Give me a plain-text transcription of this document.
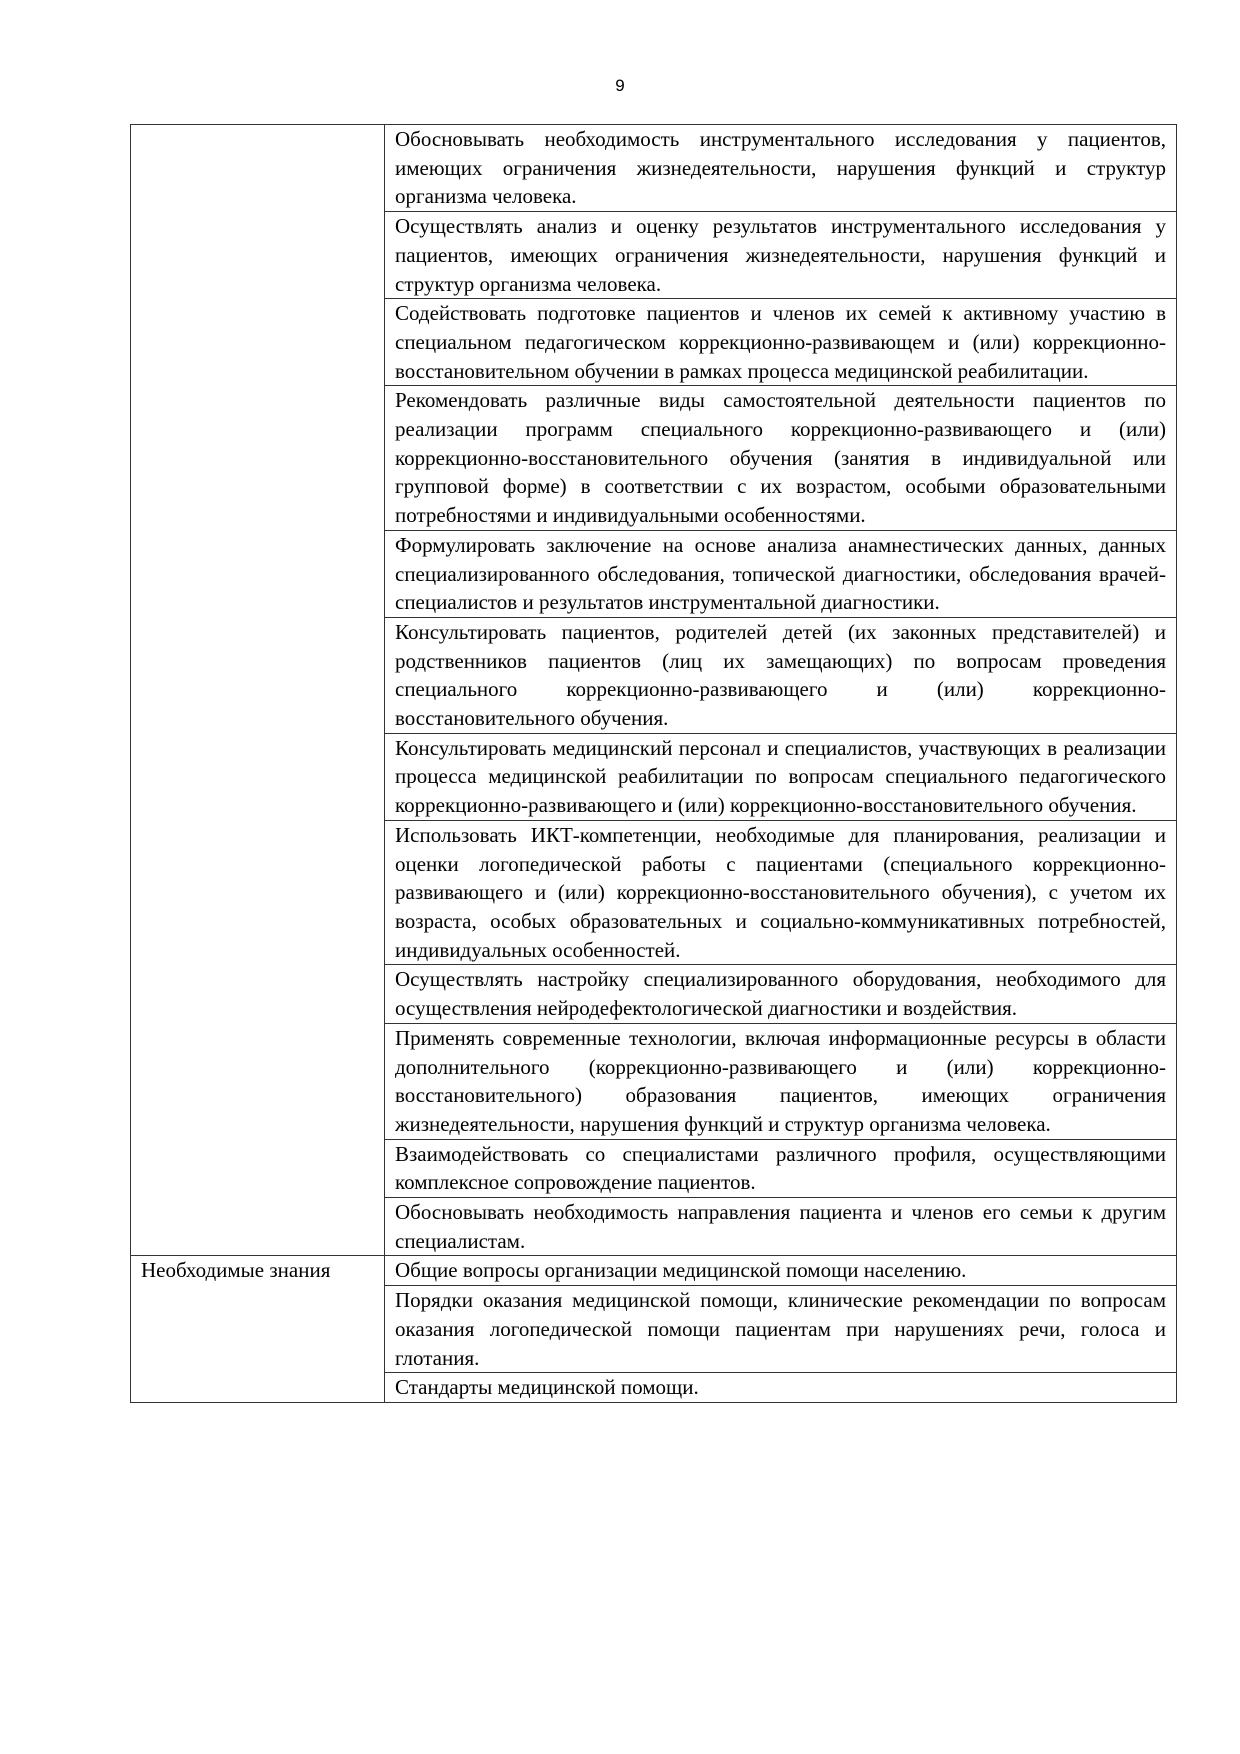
9
	Обосновывать необходимость инструментального исследования у пациентов, имеющих ограничения жизнедеятельности, нарушения функций и структур организма человека.
	Осуществлять анализ и оценку результатов инструментального исследования у пациентов, имеющих ограничения жизнедеятельности, нарушения функций и структур организма человека.
	Содействовать подготовке пациентов и членов их семей к активному участию в специальном педагогическом коррекционно-развивающем и (или) коррекционно-восстановительном обучении в рамках процесса медицинской реабилитации.
	Рекомендовать различные виды самостоятельной деятельности пациентов по реализации программ специального коррекционно-развивающего и (или) коррекционно-восстановительного обучения (занятия в индивидуальной или групповой форме) в соответствии с их возрастом, особыми образовательными потребностями и индивидуальными особенностями.
	Формулировать заключение на основе анализа анамнестических данных, данных специализированного обследования, топической диагностики, обследования врачей-специалистов и результатов инструментальной диагностики.
	Консультировать пациентов, родителей детей (их законных представителей) и родственников пациентов (лиц их замещающих) по вопросам проведения специального коррекционно-развивающего и (или) коррекционно-восстановительного обучения.
	Консультировать медицинский персонал и специалистов, участвующих в реализации процесса медицинской реабилитации по вопросам специального педагогического коррекционно-развивающего и (или) коррекционно-восстановительного обучения.
	Использовать ИКТ-компетенции, необходимые для планирования, реализации и оценки логопедической работы с пациентами (специального коррекционно-развивающего и (или) коррекционно-восстановительного обучения), с учетом их возраста, особых образовательных и социально-коммуникативных потребностей, индивидуальных особенностей.
	Осуществлять настройку специализированного оборудования, необходимого для осуществления нейродефектологической диагностики и воздействия.
	Применять современные технологии, включая информационные ресурсы в области дополнительного (коррекционно-развивающего и (или) коррекционно-восстановительного) образования пациентов, имеющих ограничения жизнедеятельности, нарушения функций и структур организма человека.
	Взаимодействовать со специалистами различного профиля, осуществляющими комплексное сопровождение пациентов.
	Обосновывать необходимость направления пациента и членов его семьи к другим специалистам.
Необходимые знания	Общие вопросы организации медицинской помощи населению.
	Порядки оказания медицинской помощи, клинические рекомендации по вопросам оказания логопедической помощи пациентам при нарушениях речи, голоса и глотания.
	Стандарты медицинской помощи.
